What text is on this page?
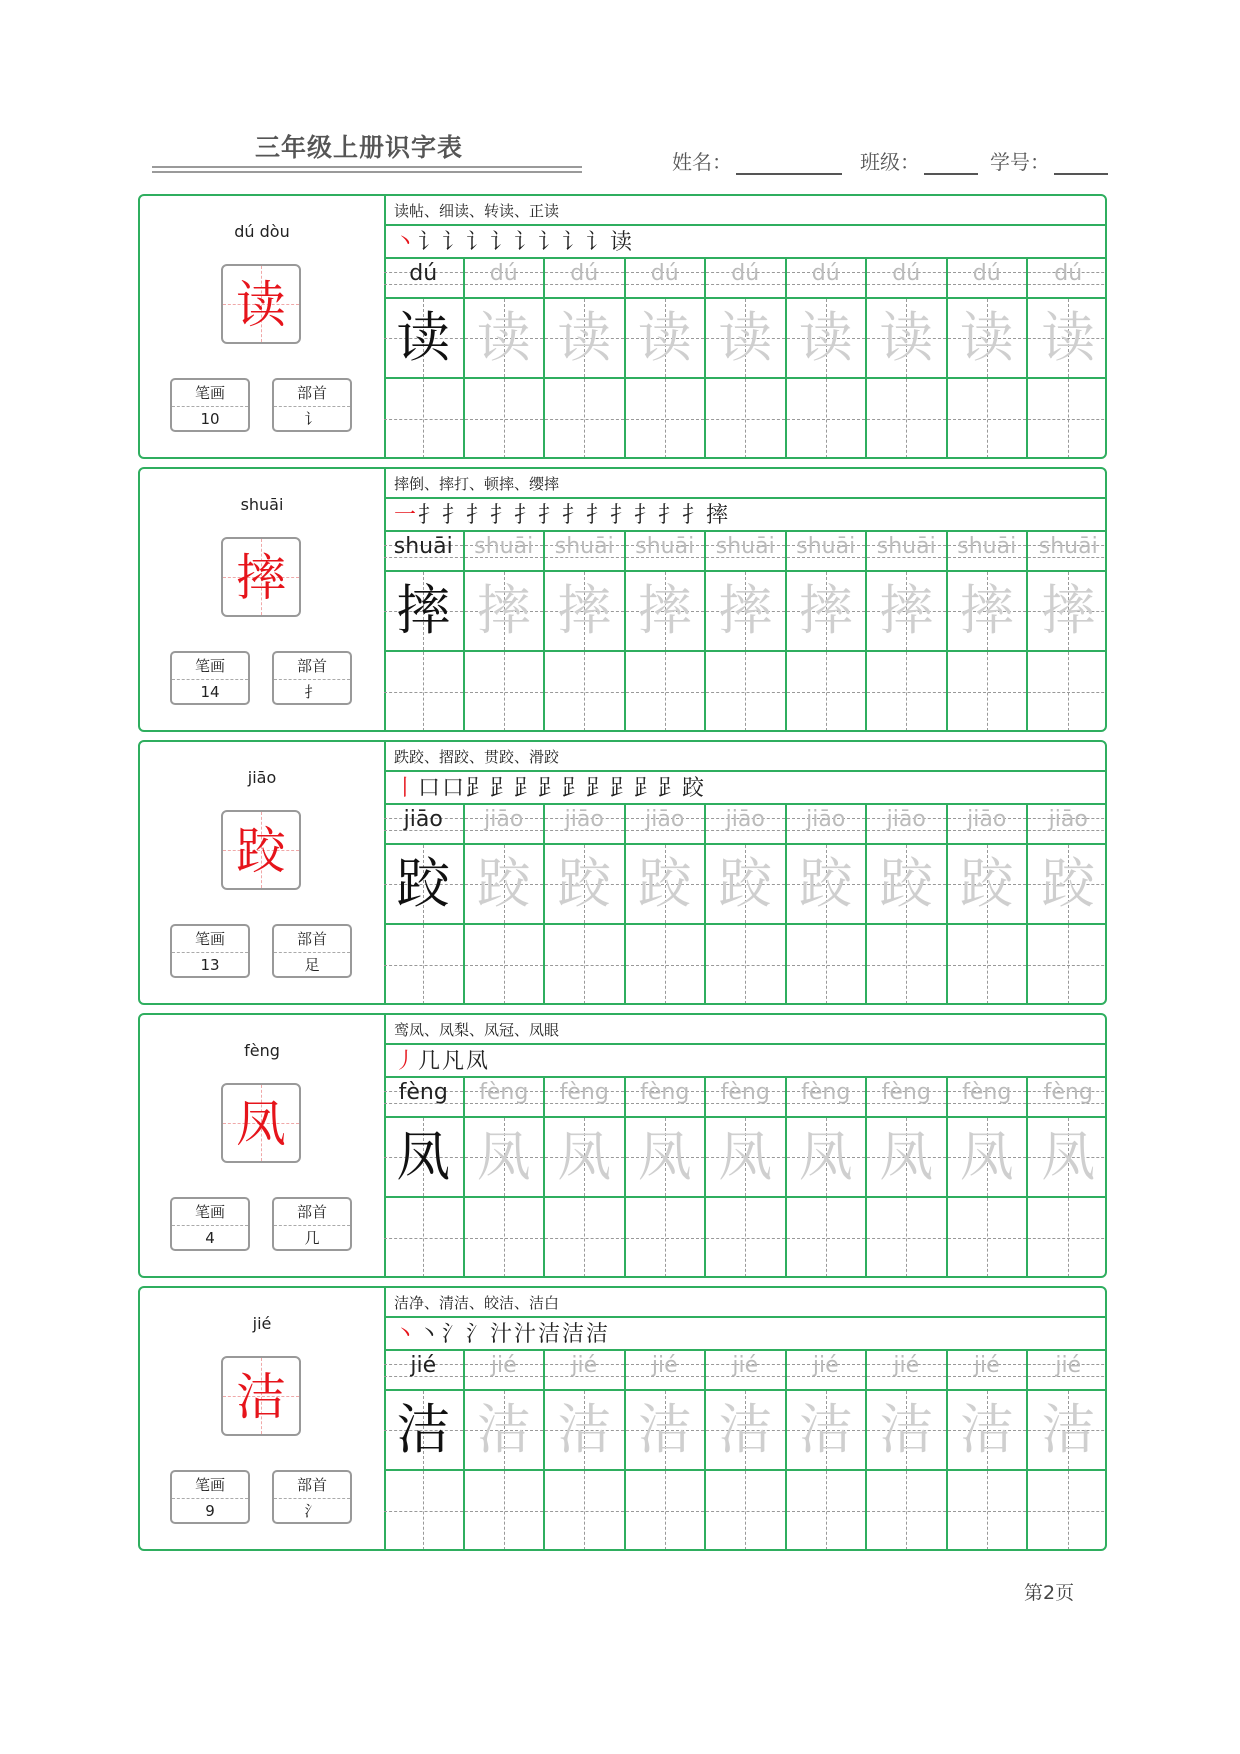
三年级上册识字表	姓名：	班级：	学号：
dú dòu
读
笔画
10
部首
讠
读帖、细读、转读、正读
丶讠讠讠讠讠讠讠讠读
dú	dú	dú	dú	dú	dú	dú	dú	dú
读 读 读 读 读 读 读 读 读
shuāi
摔
笔画
14
部首
扌
摔倒、摔打、顿摔、缨摔
一扌扌扌扌扌扌扌扌扌扌扌扌摔
shuāi shuāi shuāi shuāi shuāi shuāi shuāi shuāi	shuāi
摔 摔 摔 摔 摔 摔 摔 摔 摔
jiāo
跤
笔画
13
部首
足
跌跤、摺跤、贯跤、滑跤
丨口口𧾷𧾷𧾷𧾷𧾷𧾷𧾷𧾷𧾷跤
jiāo	jiāo	jiāo	jiāo	jiāo	jiāo	jiāo	jiāo	jiāo
跤 跤 跤 跤 跤 跤 跤 跤 跤
fèng
凤
笔画
4
部首
几
鸾凤、凤梨、凤冠、凤眼
丿几凡凤
fèng	fèng	fèng	fèng	fèng	fèng	fèng	fèng	fèng
凤 凤 凤 凤 凤 凤 凤 凤 凤
jié
洁
笔画
9
部首
氵
洁净、清洁、皎洁、洁白
丶丶氵氵汁汁洁洁洁
jié	jié	jié	jié	jié	jié	jié	jié	jié
洁 洁 洁 洁 洁 洁 洁 洁 洁
第2页
